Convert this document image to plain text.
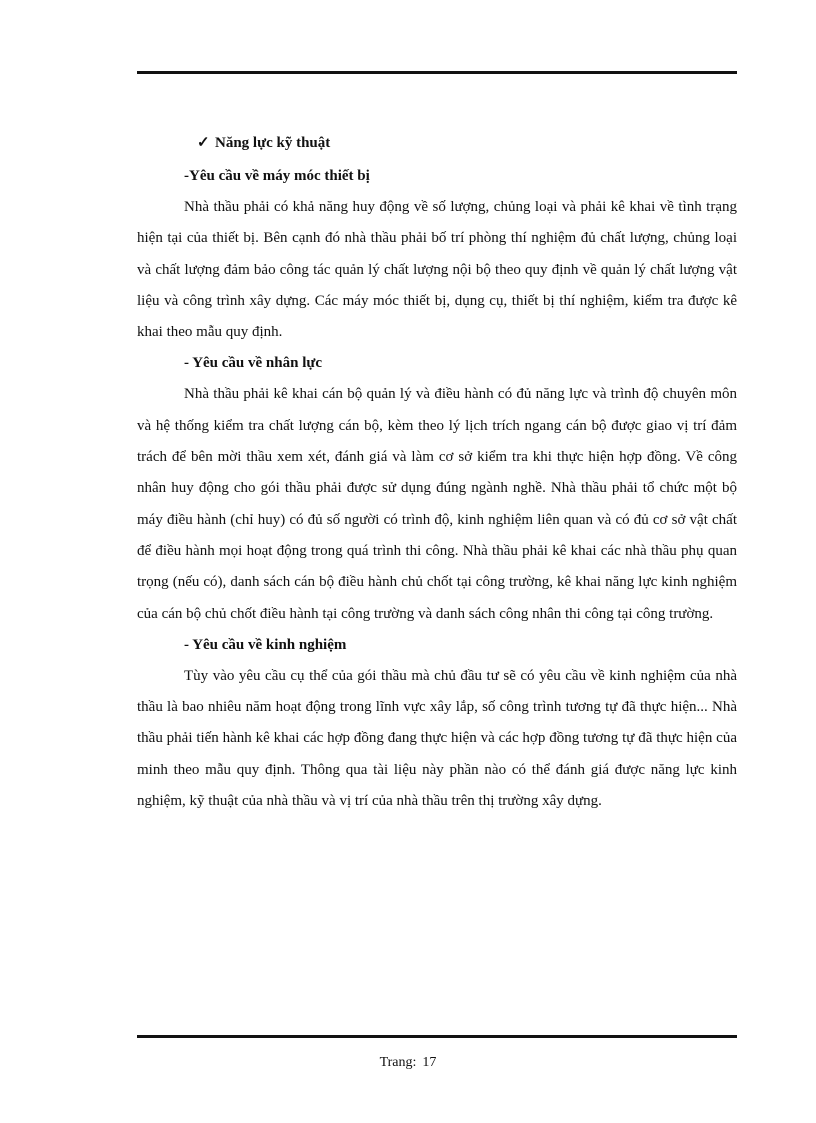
✓ Năng lực kỹ thuật

-Yêu cầu về máy móc thiết bị

Nhà thầu phải có khả năng huy động về số lượng, chủng loại và phải kê khai về tình trạng hiện tại của thiết bị. Bên cạnh đó nhà thầu phải bố trí phòng thí nghiệm đủ chất lượng, chủng loại và chất lượng đảm bảo công tác quản lý chất lượng nội bộ theo quy định về quản lý chất lượng vật liệu và công trình xây dựng. Các máy móc thiết bị, dụng cụ, thiết bị thí nghiệm, kiểm tra được kê khai theo mẫu quy định.

- Yêu cầu về nhân lực

Nhà thầu phải kê khai cán bộ quản lý và điều hành có đủ năng lực và trình độ chuyên môn và hệ thống kiểm tra chất lượng cán bộ, kèm theo lý lịch trích ngang cán bộ được giao vị trí đảm trách để bên mời thầu xem xét, đánh giá và làm cơ sở kiểm tra khi thực hiện hợp đồng. Về công nhân huy động cho gói thầu phải được sử dụng đúng ngành nghề. Nhà thầu phải tổ chức một bộ máy điều hành (chỉ huy) có đủ số người có trình độ, kinh nghiệm liên quan và có đủ cơ sở vật chất để điều hành mọi hoạt động trong quá trình thi công. Nhà thầu phải kê khai các nhà thầu phụ quan trọng (nếu có), danh sách cán bộ điều hành chủ chốt tại công trường, kê khai năng lực kinh nghiệm của cán bộ chủ chốt điều hành tại công trường và danh sách công nhân thi công tại công trường.

- Yêu cầu về kinh nghiệm

Tùy vào yêu cầu cụ thể của gói thầu mà chủ đầu tư sẽ có yêu cầu về kinh nghiệm của nhà thầu là bao nhiêu năm hoạt động trong lĩnh vực xây lắp, số công trình tương tự đã thực hiện... Nhà thầu phải tiến hành kê khai các hợp đồng đang thực hiện và các hợp đồng tương tự đã thực hiện của minh theo mẫu quy định. Thông qua tài liệu này phần nào có thể đánh giá được năng lực kinh nghiệm, kỹ thuật của nhà thầu và vị trí của nhà thầu trên thị trường xây dựng.

Trang: 17
